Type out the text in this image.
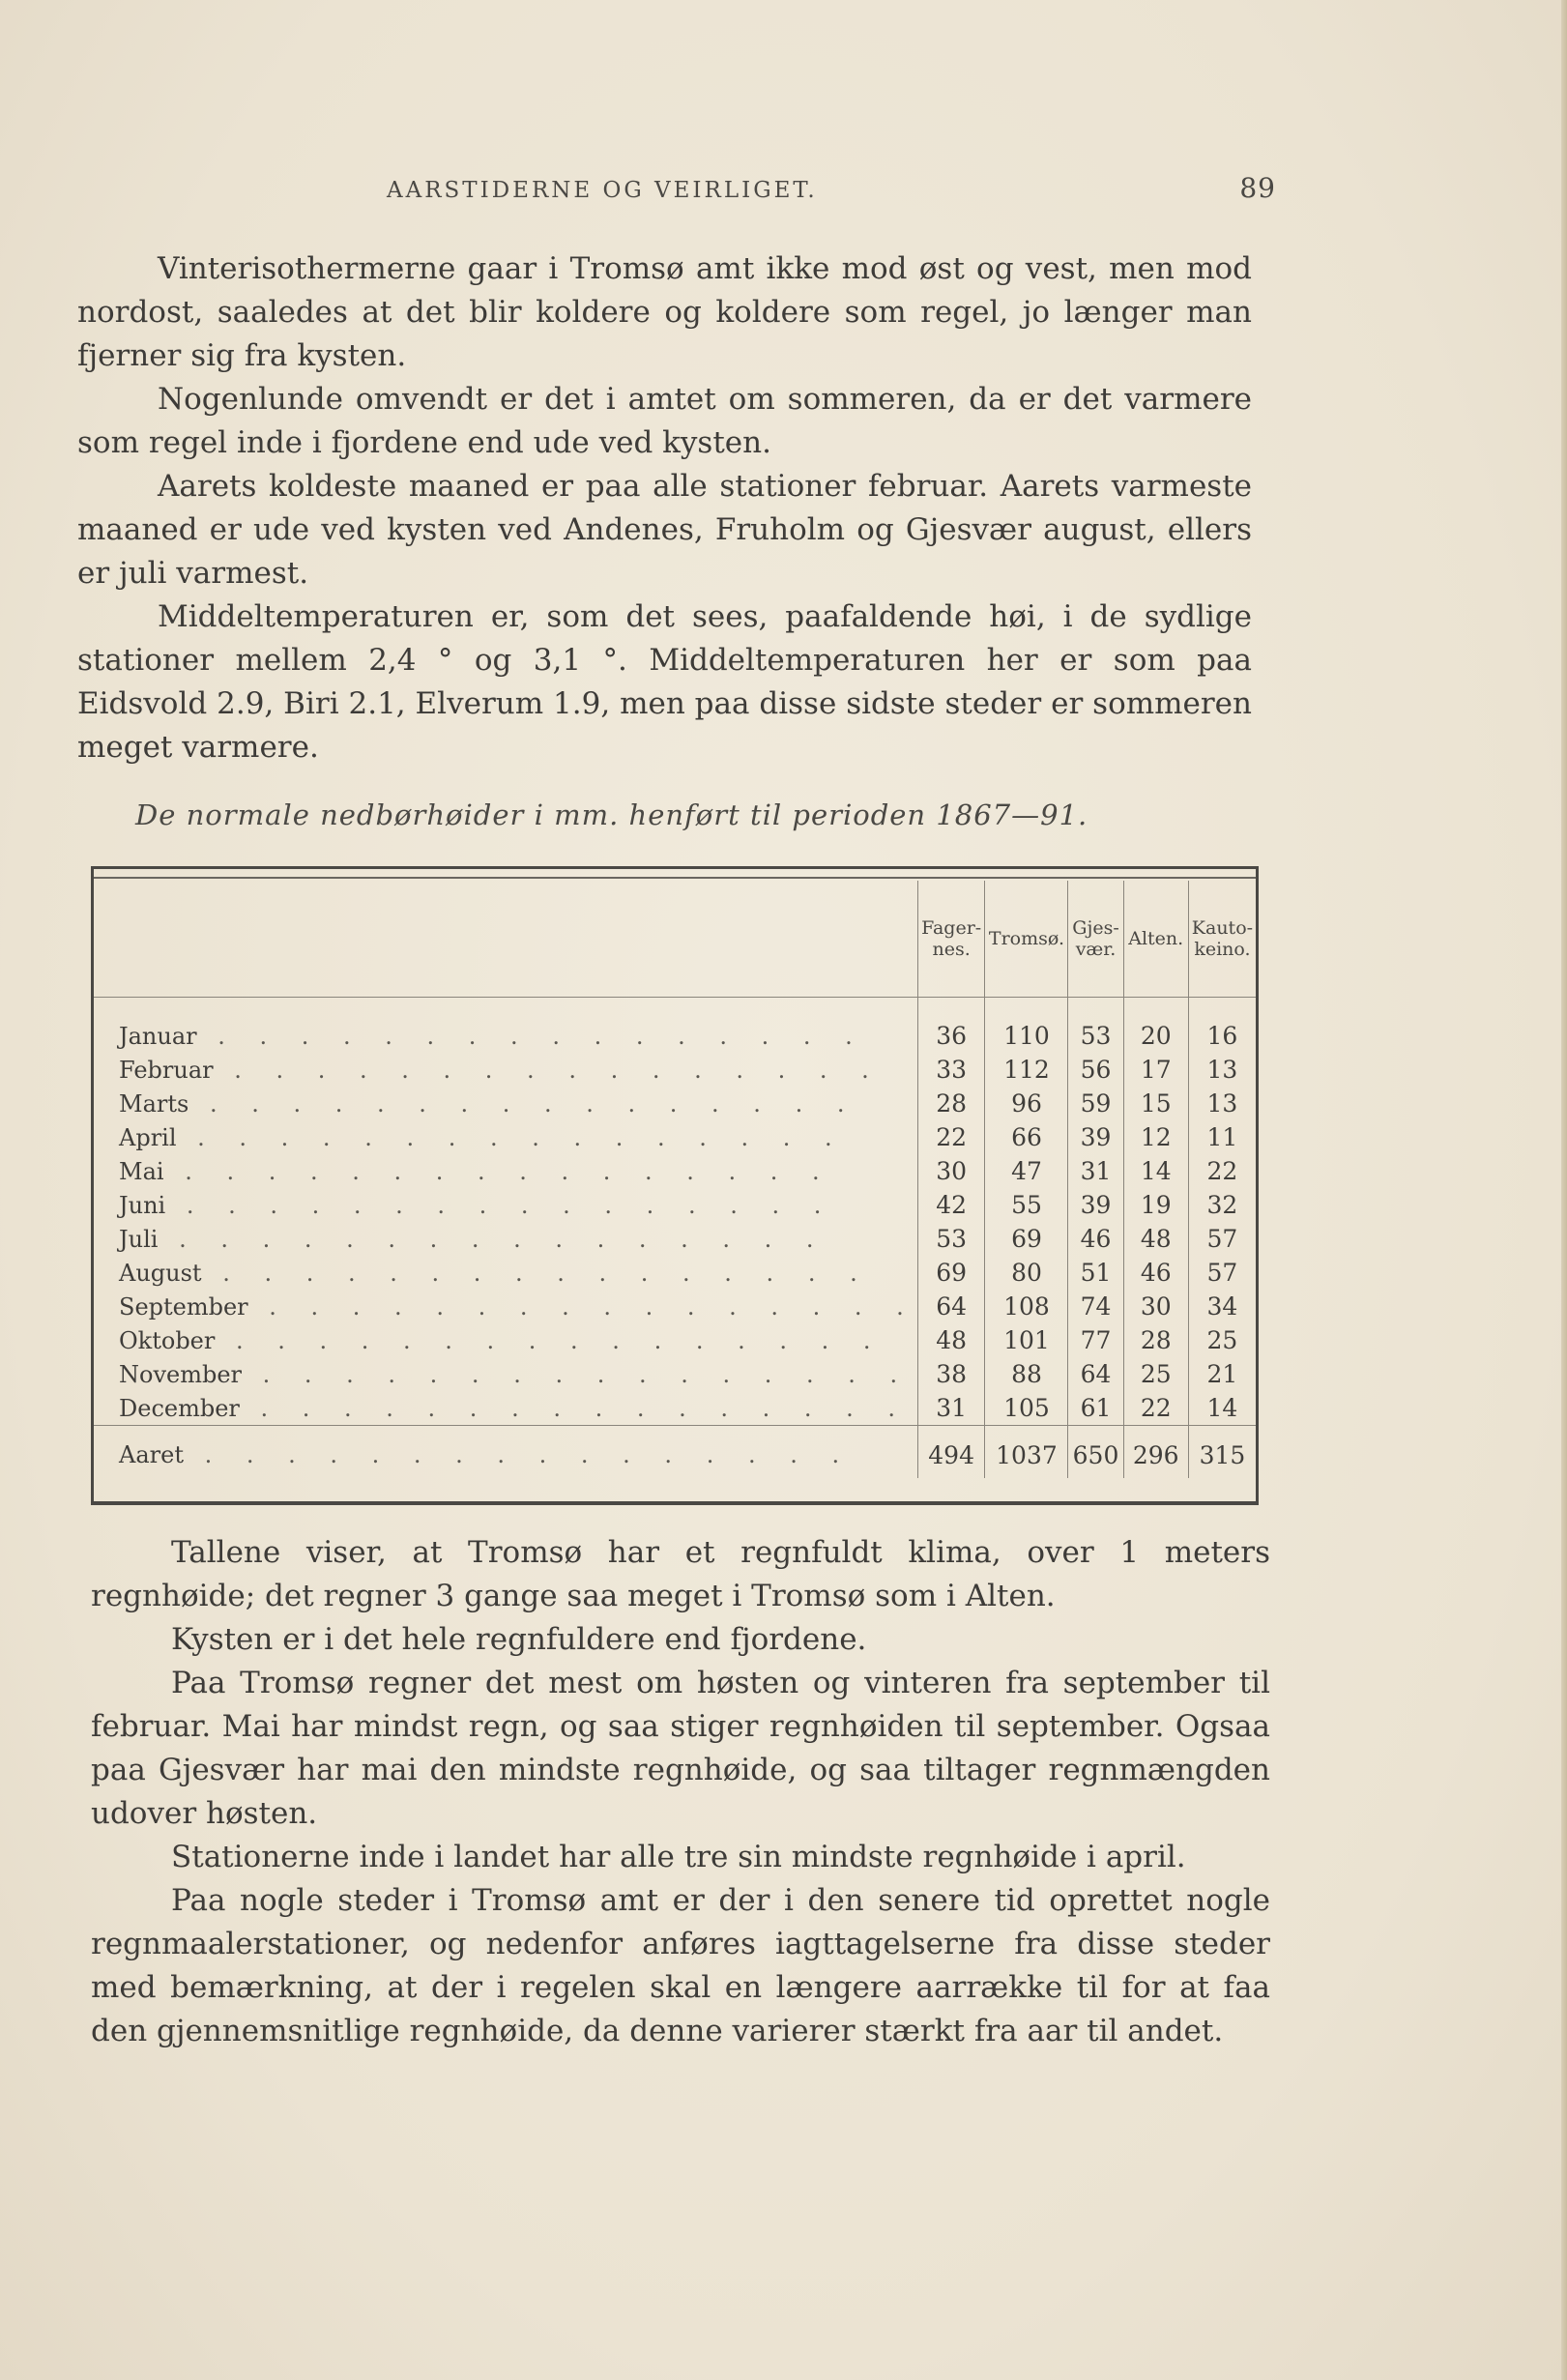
AARSTIDERNE OG VEIRLIGET.	89

Vinterisothermerne gaar i Tromsø amt ikke mod øst og vest, men mod nordost, saaledes at det blir koldere og koldere som regel, jo længer man fjerner sig fra kysten.

Nogenlunde omvendt er det i amtet om sommeren, da er det varmere som regel inde i fjordene end ude ved kysten.

Aarets koldeste maaned er paa alle stationer februar. Aarets varmeste maaned er ude ved kysten ved Andenes, Fruholm og Gjesvær august, ellers er juli varmest.

Middeltemperaturen er, som det sees, paafaldende høi, i de sydlige stationer mellem 2,4 ° og 3,1 °. Middeltemperaturen her er som paa Eidsvold 2.9, Biri 2.1, Elverum 1.9, men paa disse sidste steder er sommeren meget varmere.

De normale nedbørhøider i mm. henført til perioden 1867—91.
	Fager-nes.	Tromsø.	Gjes-vær.	Alten.	Kauto-keino.
Januar . . . . . . . . . . . . . . . .	36	110	53	20	16
Februar . . . . . . . . . . . . . . . .	33	112	56	17	13
Marts . . . . . . . . . . . . . . . .	28	96	59	15	13
April . . . . . . . . . . . . . . . .	22	66	39	12	11
Mai . . . . . . . . . . . . . . . .	30	47	31	14	22
Juni . . . . . . . . . . . . . . . .	42	55	39	19	32
Juli . . . . . . . . . . . . . . . .	53	69	46	48	57
August . . . . . . . . . . . . . . . .	69	80	51	46	57
September . . . . . . . . . . . . . . . .	64	108	74	30	34
Oktober . . . . . . . . . . . . . . . .	48	101	77	28	25
November . . . . . . . . . . . . . . . .	38	88	64	25	21
December . . . . . . . . . . . . . . . .	31	105	61	22	14
Aaret . . . . . . . . . . . . . . . .	494	1037	650	296	315

Tallene viser, at Tromsø har et regnfuldt klima, over 1 meters regnhøide; det regner 3 gange saa meget i Tromsø som i Alten.

Kysten er i det hele regnfuldere end fjordene.

Paa Tromsø regner det mest om høsten og vinteren fra september til februar. Mai har mindst regn, og saa stiger regnhøiden til september. Ogsaa paa Gjesvær har mai den mindste regnhøide, og saa tiltager regnmængden udover høsten.

Stationerne inde i landet har alle tre sin mindste regnhøide i april.

Paa nogle steder i Tromsø amt er der i den senere tid oprettet nogle regnmaalerstationer, og nedenfor anføres iagttagelserne fra disse steder med bemærkning, at der i regelen skal en længere aarrække til for at faa den gjennemsnitlige regnhøide, da denne varierer stærkt fra aar til andet.
